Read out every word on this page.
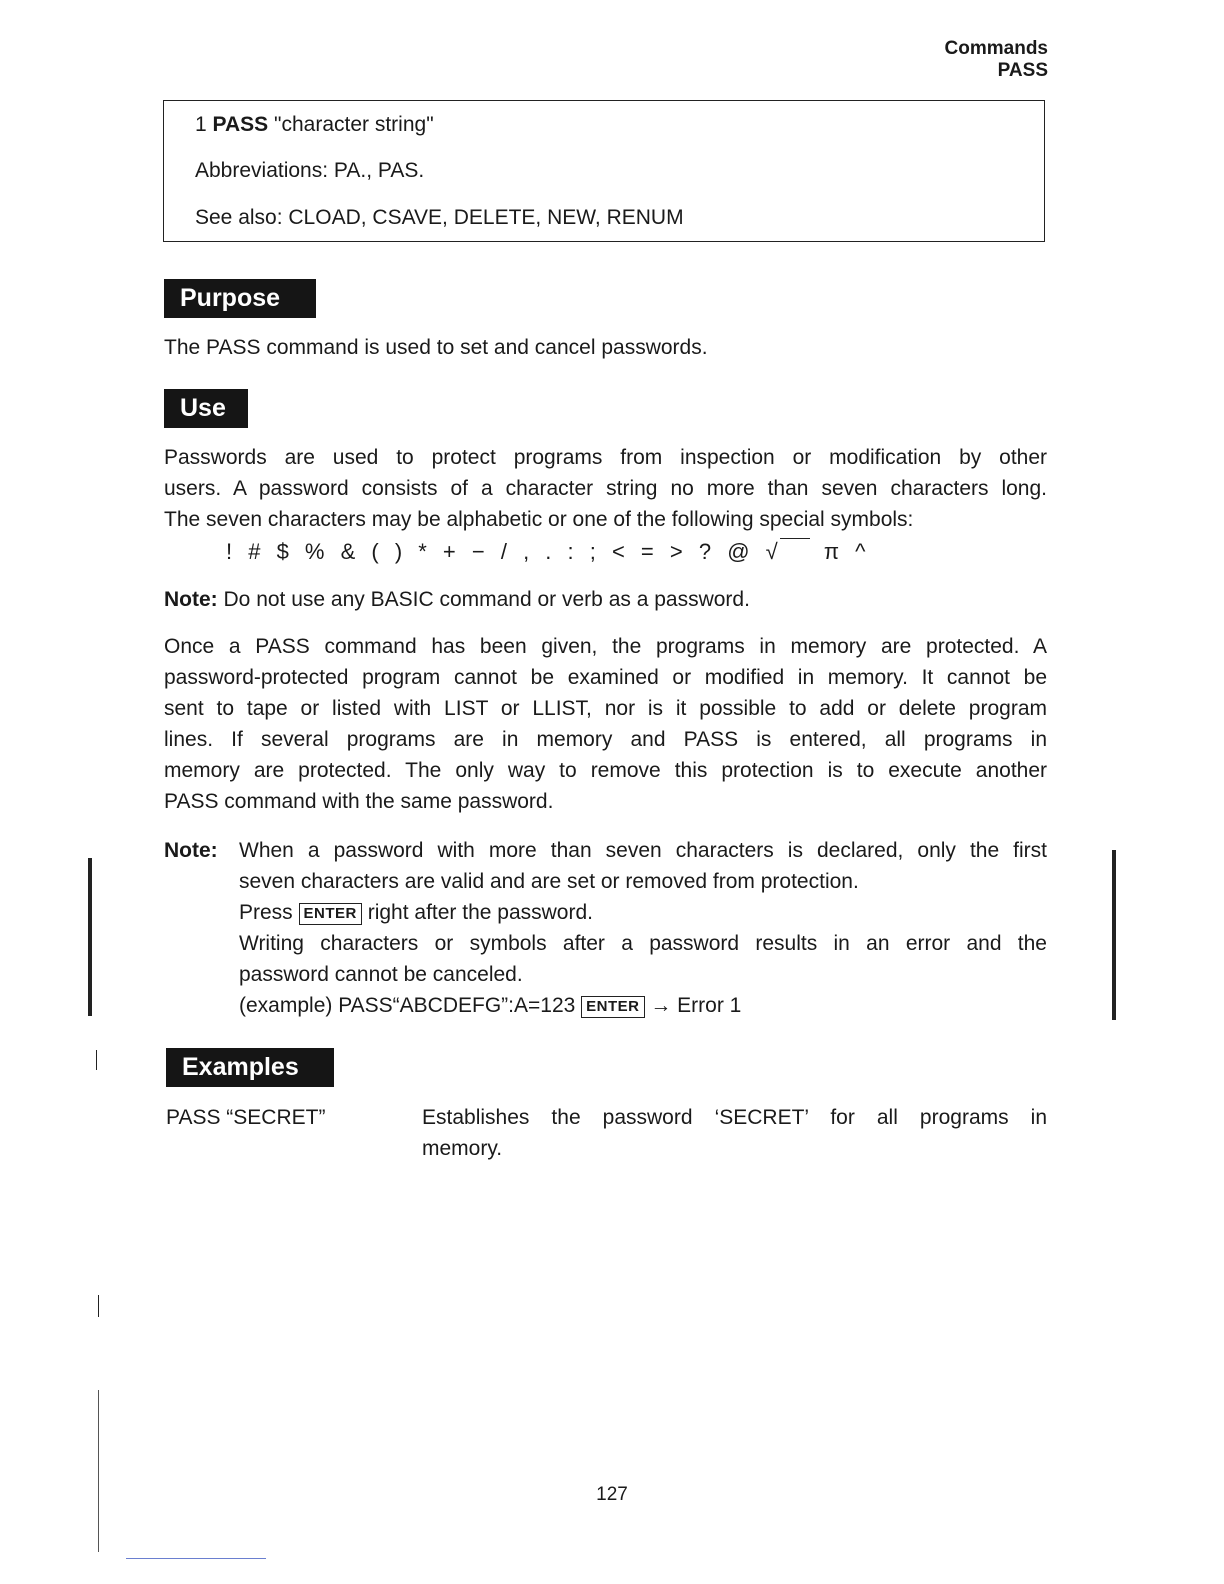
Commands
PASS
1 PASS "character string"
Abbreviations: PA., PAS.
See also: CLOAD, CSAVE, DELETE, NEW, RENUM
Purpose
The PASS command is used to set and cancel passwords.
Use
Passwords are used to protect programs from inspection or modification by other
users. A password consists of a character string no more than seven characters long.
The seven characters may be alphabetic or one of the following special symbols:
! # $ % & ( ) * + − / , . : ; < = > ? @ √ π ^
Note: Do not use any BASIC command or verb as a password.
Once a PASS command has been given, the programs in memory are protected. A
password-protected program cannot be examined or modified in memory. It cannot be
sent to tape or listed with LIST or LLIST, nor is it possible to add or delete program
lines. If several programs are in memory and PASS is entered, all programs in
memory are protected. The only way to remove this protection is to execute another
PASS command with the same password.
Note: When a password with more than seven characters is declared, only the first
seven characters are valid and are set or removed from protection.
Press ENTER right after the password.
Writing characters or symbols after a password results in an error and the
password cannot be canceled.
(example) PASS“ABCDEFG”:A=123 ENTER → Error 1
Examples
PASS “SECRET”	Establishes the password ‘SECRET’ for all programs in
memory.
127
